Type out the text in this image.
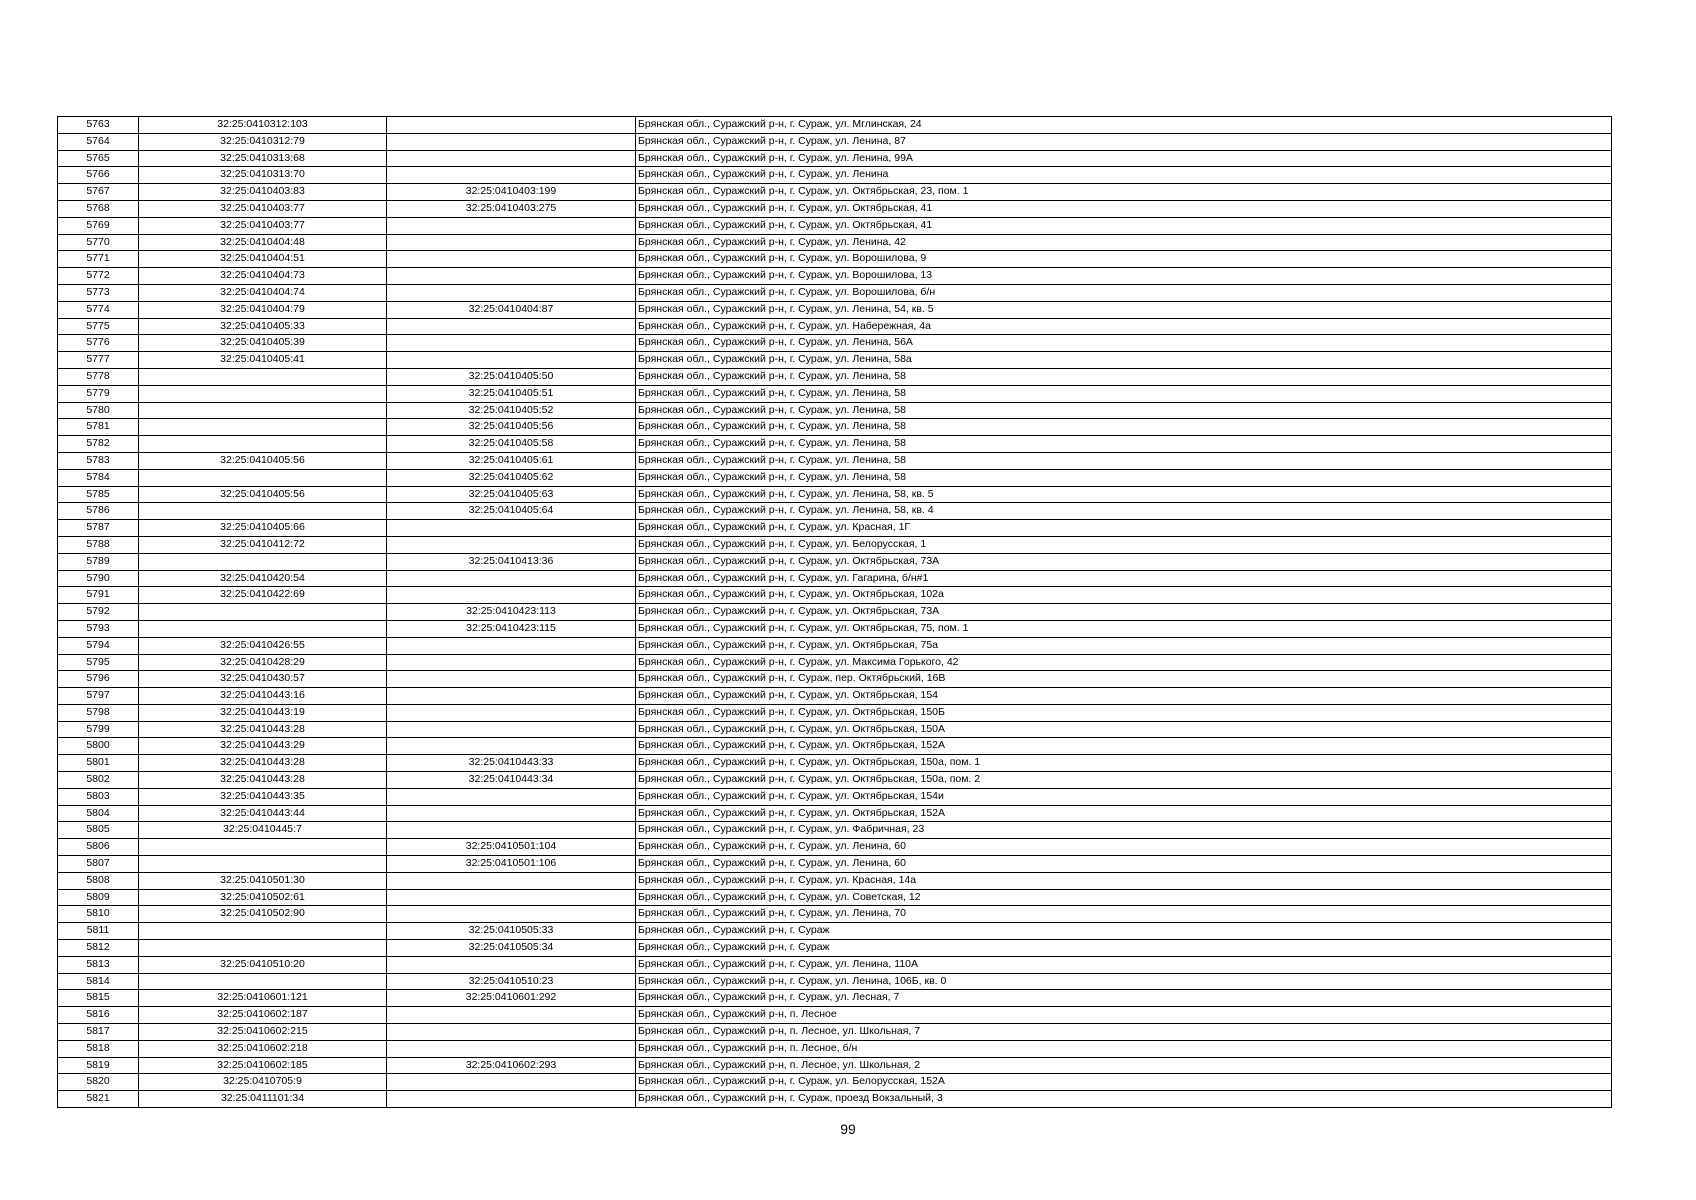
5763	32:25:0410312:103		Брянская обл., Суражский р-н, г. Сураж, ул. Мглинская, 24
5764	32:25:0410312:79		Брянская обл., Суражский р-н, г. Сураж, ул. Ленина, 87
5765	32:25:0410313:68		Брянская обл., Суражский р-н, г. Сураж, ул. Ленина, 99А
5766	32:25:0410313:70		Брянская обл., Суражский р-н, г. Сураж, ул. Ленина
5767	32:25:0410403:83	32:25:0410403:199	Брянская обл., Суражский р-н, г. Сураж, ул. Октябрьская, 23, пом. 1
5768	32:25:0410403:77	32:25:0410403:275	Брянская обл., Суражский р-н, г. Сураж, ул. Октябрьская, 41
5769	32:25:0410403:77		Брянская обл., Суражский р-н, г. Сураж, ул. Октябрьская, 41
5770	32:25:0410404:48		Брянская обл., Суражский р-н, г. Сураж, ул. Ленина, 42
5771	32:25:0410404:51		Брянская обл., Суражский р-н, г. Сураж, ул. Ворошилова, 9
5772	32:25:0410404:73		Брянская обл., Суражский р-н, г. Сураж, ул. Ворошилова, 13
5773	32:25:0410404:74		Брянская обл., Суражский р-н, г. Сураж, ул. Ворошилова, б/н
5774	32:25:0410404:79	32:25:0410404:87	Брянская обл., Суражский р-н, г. Сураж, ул. Ленина, 54, кв. 5
5775	32:25:0410405:33		Брянская обл., Суражский р-н, г. Сураж, ул. Набережная, 4а
5776	32:25:0410405:39		Брянская обл., Суражский р-н, г. Сураж, ул. Ленина, 56А
5777	32:25:0410405:41		Брянская обл., Суражский р-н, г. Сураж, ул. Ленина, 58а
5778		32:25:0410405:50	Брянская обл., Суражский р-н, г. Сураж, ул. Ленина, 58
5779		32:25:0410405:51	Брянская обл., Суражский р-н, г. Сураж, ул. Ленина, 58
5780		32:25:0410405:52	Брянская обл., Суражский р-н, г. Сураж, ул. Ленина, 58
5781		32:25:0410405:56	Брянская обл., Суражский р-н, г. Сураж, ул. Ленина, 58
5782		32:25:0410405:58	Брянская обл., Суражский р-н, г. Сураж, ул. Ленина, 58
5783	32:25:0410405:56	32:25:0410405:61	Брянская обл., Суражский р-н, г. Сураж, ул. Ленина, 58
5784		32:25:0410405:62	Брянская обл., Суражский р-н, г. Сураж, ул. Ленина, 58
5785	32:25:0410405:56	32:25:0410405:63	Брянская обл., Суражский р-н, г. Сураж, ул. Ленина, 58, кв. 5
5786		32:25:0410405:64	Брянская обл., Суражский р-н, г. Сураж, ул. Ленина, 58, кв. 4
5787	32:25:0410405:66		Брянская обл., Суражский р-н, г. Сураж, ул. Красная, 1Г
5788	32:25:0410412:72		Брянская обл., Суражский р-н, г. Сураж, ул. Белорусская, 1
5789		32:25:0410413:36	Брянская обл., Суражский р-н, г. Сураж, ул. Октябрьская, 73А
5790	32:25:0410420:54		Брянская обл., Суражский р-н, г. Сураж, ул. Гагарина, б/н#1
5791	32:25:0410422:69		Брянская обл., Суражский р-н, г. Сураж, ул. Октябрьская, 102а
5792		32:25:0410423:113	Брянская обл., Суражский р-н, г. Сураж, ул. Октябрьская, 73А
5793		32:25:0410423:115	Брянская обл., Суражский р-н, г. Сураж, ул. Октябрьская, 75, пом. 1
5794	32:25:0410426:55		Брянская обл., Суражский р-н, г. Сураж, ул. Октябрьская, 75а
5795	32:25:0410428:29		Брянская обл., Суражский р-н, г. Сураж, ул. Максима Горького, 42
5796	32:25:0410430:57		Брянская обл., Суражский р-н, г. Сураж, пер. Октябрьский, 16В
5797	32:25:0410443:16		Брянская обл., Суражский р-н, г. Сураж, ул. Октябрьская, 154
5798	32:25:0410443:19		Брянская обл., Суражский р-н, г. Сураж, ул. Октябрьская, 150Б
5799	32:25:0410443:28		Брянская обл., Суражский р-н, г. Сураж, ул. Октябрьская, 150А
5800	32:25:0410443:29		Брянская обл., Суражский р-н, г. Сураж, ул. Октябрьская, 152А
5801	32:25:0410443:28	32:25:0410443:33	Брянская обл., Суражский р-н, г. Сураж, ул. Октябрьская, 150а, пом. 1
5802	32:25:0410443:28	32:25:0410443:34	Брянская обл., Суражский р-н, г. Сураж, ул. Октябрьская, 150а, пом. 2
5803	32:25:0410443:35		Брянская обл., Суражский р-н, г. Сураж, ул. Октябрьская, 154и
5804	32:25:0410443:44		Брянская обл., Суражский р-н, г. Сураж, ул. Октябрьская, 152А
5805	32:25:0410445:7		Брянская обл., Суражский р-н, г. Сураж, ул. Фабричная, 23
5806		32:25:0410501:104	Брянская обл., Суражский р-н, г. Сураж, ул. Ленина, 60
5807		32:25:0410501:106	Брянская обл., Суражский р-н, г. Сураж, ул. Ленина, 60
5808	32:25:0410501:30		Брянская обл., Суражский р-н, г. Сураж, ул. Красная, 14а
5809	32:25:0410502:61		Брянская обл., Суражский р-н, г. Сураж, ул. Советская, 12
5810	32:25:0410502:90		Брянская обл., Суражский р-н, г. Сураж, ул. Ленина, 70
5811		32:25:0410505:33	Брянская обл., Суражский р-н, г. Сураж
5812		32:25:0410505:34	Брянская обл., Суражский р-н, г. Сураж
5813	32:25:0410510:20		Брянская обл., Суражский р-н, г. Сураж, ул. Ленина, 110А
5814		32:25:0410510:23	Брянская обл., Суражский р-н, г. Сураж, ул. Ленина, 106Б, кв. 0
5815	32:25:0410601:121	32:25:0410601:292	Брянская обл., Суражский р-н, г. Сураж, ул. Лесная, 7
5816	32:25:0410602:187		Брянская обл., Суражский р-н, п. Лесное
5817	32:25:0410602:215		Брянская обл., Суражский р-н, п. Лесное, ул. Школьная, 7
5818	32:25:0410602:218		Брянская обл., Суражский р-н, п. Лесное, б/н
5819	32:25:0410602:185	32:25:0410602:293	Брянская обл., Суражский р-н, п. Лесное, ул. Школьная, 2
5820	32:25:0410705:9		Брянская обл., Суражский р-н, г. Сураж, ул. Белорусская, 152А
5821	32:25:0411101:34		Брянская обл., Суражский р-н, г. Сураж, проезд Вокзальный, 3
99
